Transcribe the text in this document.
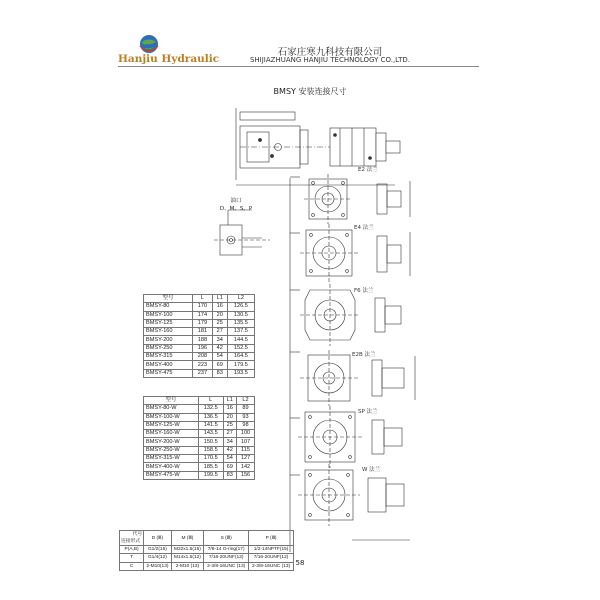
Hanjiu Hydraulic
石家庄寒九科技有限公司
SHIJIAZHUANG HANJIU TECHNOLOGY CO.,LTD.
BMSY 安装连接尺寸
E2 法兰
E4 法兰
F6 法兰
E2B 法兰
SP 法兰
W 法兰
油口
D、M、S、P
型号	L	L1	L2
BMSY-80	170	16	126.5
BMSY-100	174	20	130.5
BMSY-125	179	25	135.5
BMSY-160	181	27	137.5
BMSY-200	188	34	144.5
BMSY-250	196	42	152.5
BMSY-315	208	54	164.5
BMSY-400	223	69	179.5
BMSY-475	237	83	193.5
型号	L	L1	L2
BMSY-80-W	132.5	16	89
BMSY-100-W	136.5	20	93
BMSY-125-W	141.5	25	98
BMSY-160-W	143.5	27	100
BMSY-200-W	150.5	34	107
BMSY-250-W	158.5	42	115
BMSY-315-W	170.5	54	127
BMSY-400-W	185.5	69	142
BMSY-475-W	199.5	83	156
代号
连接形式	D (Ⅲ)	M (Ⅲ)	S (Ⅲ)	P (Ⅲ)
P(A,B)	G1/2(15)	M22x1.5(15)	7/8-14 O-ring(17)	1/2-14NPTF(15)
T	G1/4(12)	M14x1.5(12)	7/16-20UNF(12)	7/16-20UNF(12)
C	2-M10(13)	2-M10 (13)	2-3/8-16UNC (13)	2-3/8-16UNC (13) 58
